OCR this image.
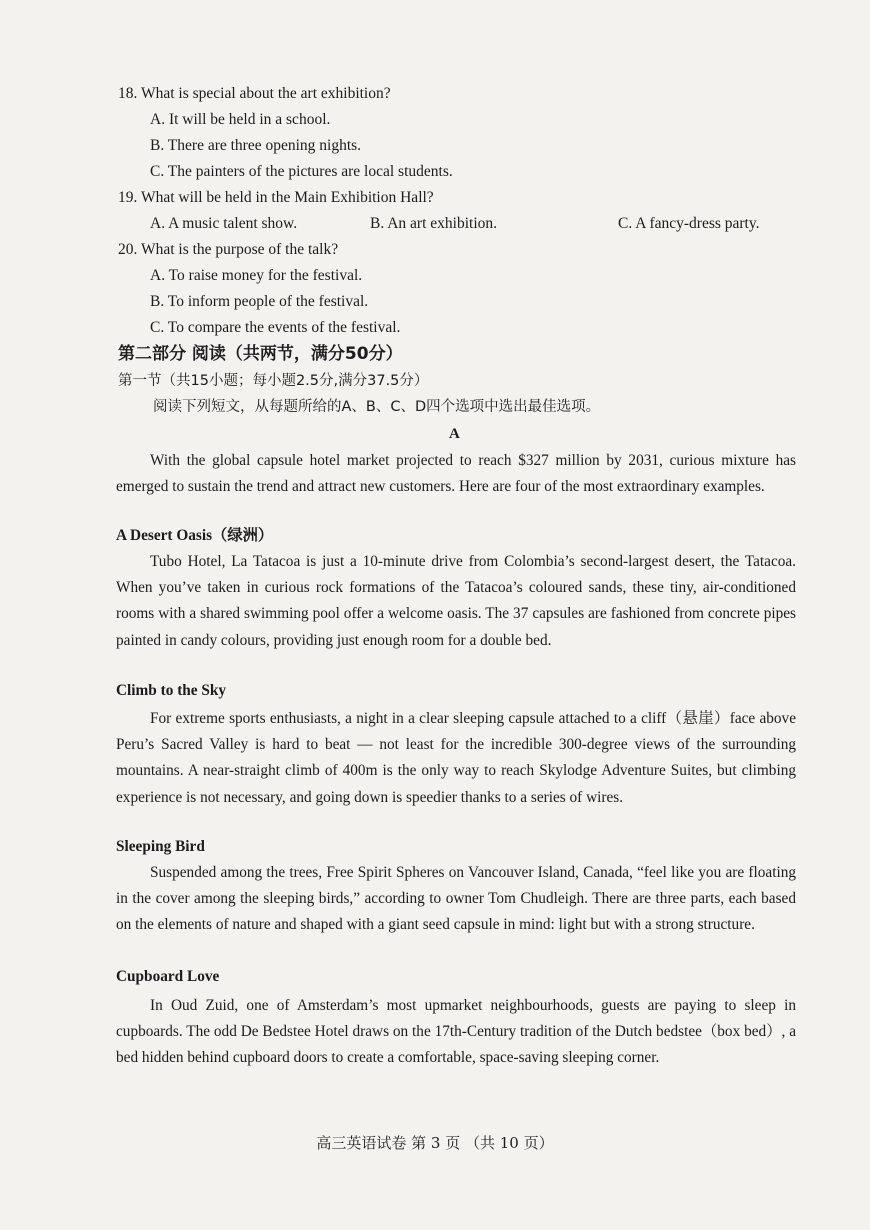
18. What is special about the art exhibition?
A. It will be held in a school.
B. There are three opening nights.
C. The painters of the pictures are local students.
19. What will be held in the Main Exhibition Hall?
A. A music talent show.	B. An art exhibition.	C. A fancy-dress party.
20. What is the purpose of the talk?
A. To raise money for the festival.
B. To inform people of the festival.
C. To compare the events of the festival.
第二部分 阅读（共两节，满分50分）
第一节（共15小题；每小题2.5分,满分37.5分）
阅读下列短文，从每题所给的A、B、C、D四个选项中选出最佳选项。
A

With the global capsule hotel market projected to reach $327 million by 2031, curious mixture has emerged to sustain the trend and attract new customers. Here are four of the most extraordinary examples.

A Desert Oasis（绿洲）

Tubo Hotel, La Tatacoa is just a 10-minute drive from Colombia’s second-largest desert, the Tatacoa. When you’ve taken in curious rock formations of the Tatacoa’s coloured sands, these tiny, air-conditioned rooms with a shared swimming pool offer a welcome oasis. The 37 capsules are fashioned from concrete pipes painted in candy colours, providing just enough room for a double bed.

Climb to the Sky

For extreme sports enthusiasts, a night in a clear sleeping capsule attached to a cliff（悬崖）face above Peru’s Sacred Valley is hard to beat — not least for the incredible 300-degree views of the surrounding mountains. A near-straight climb of 400m is the only way to reach Skylodge Adventure Suites, but climbing experience is not necessary, and going down is speedier thanks to a series of wires.

Sleeping Bird

Suspended among the trees, Free Spirit Spheres on Vancouver Island, Canada, “feel like you are floating in the cover among the sleeping birds,” according to owner Tom Chudleigh. There are three parts, each based on the elements of nature and shaped with a giant seed capsule in mind: light but with a strong structure.

Cupboard Love

In Oud Zuid, one of Amsterdam’s most upmarket neighbourhoods, guests are paying to sleep in cupboards. The odd De Bedstee Hotel draws on the 17th-Century tradition of the Dutch bedstee（box bed）, a bed hidden behind cupboard doors to create a comfortable, space-saving sleeping corner.

高三英语试卷 第 3 页 （共 10 页）
